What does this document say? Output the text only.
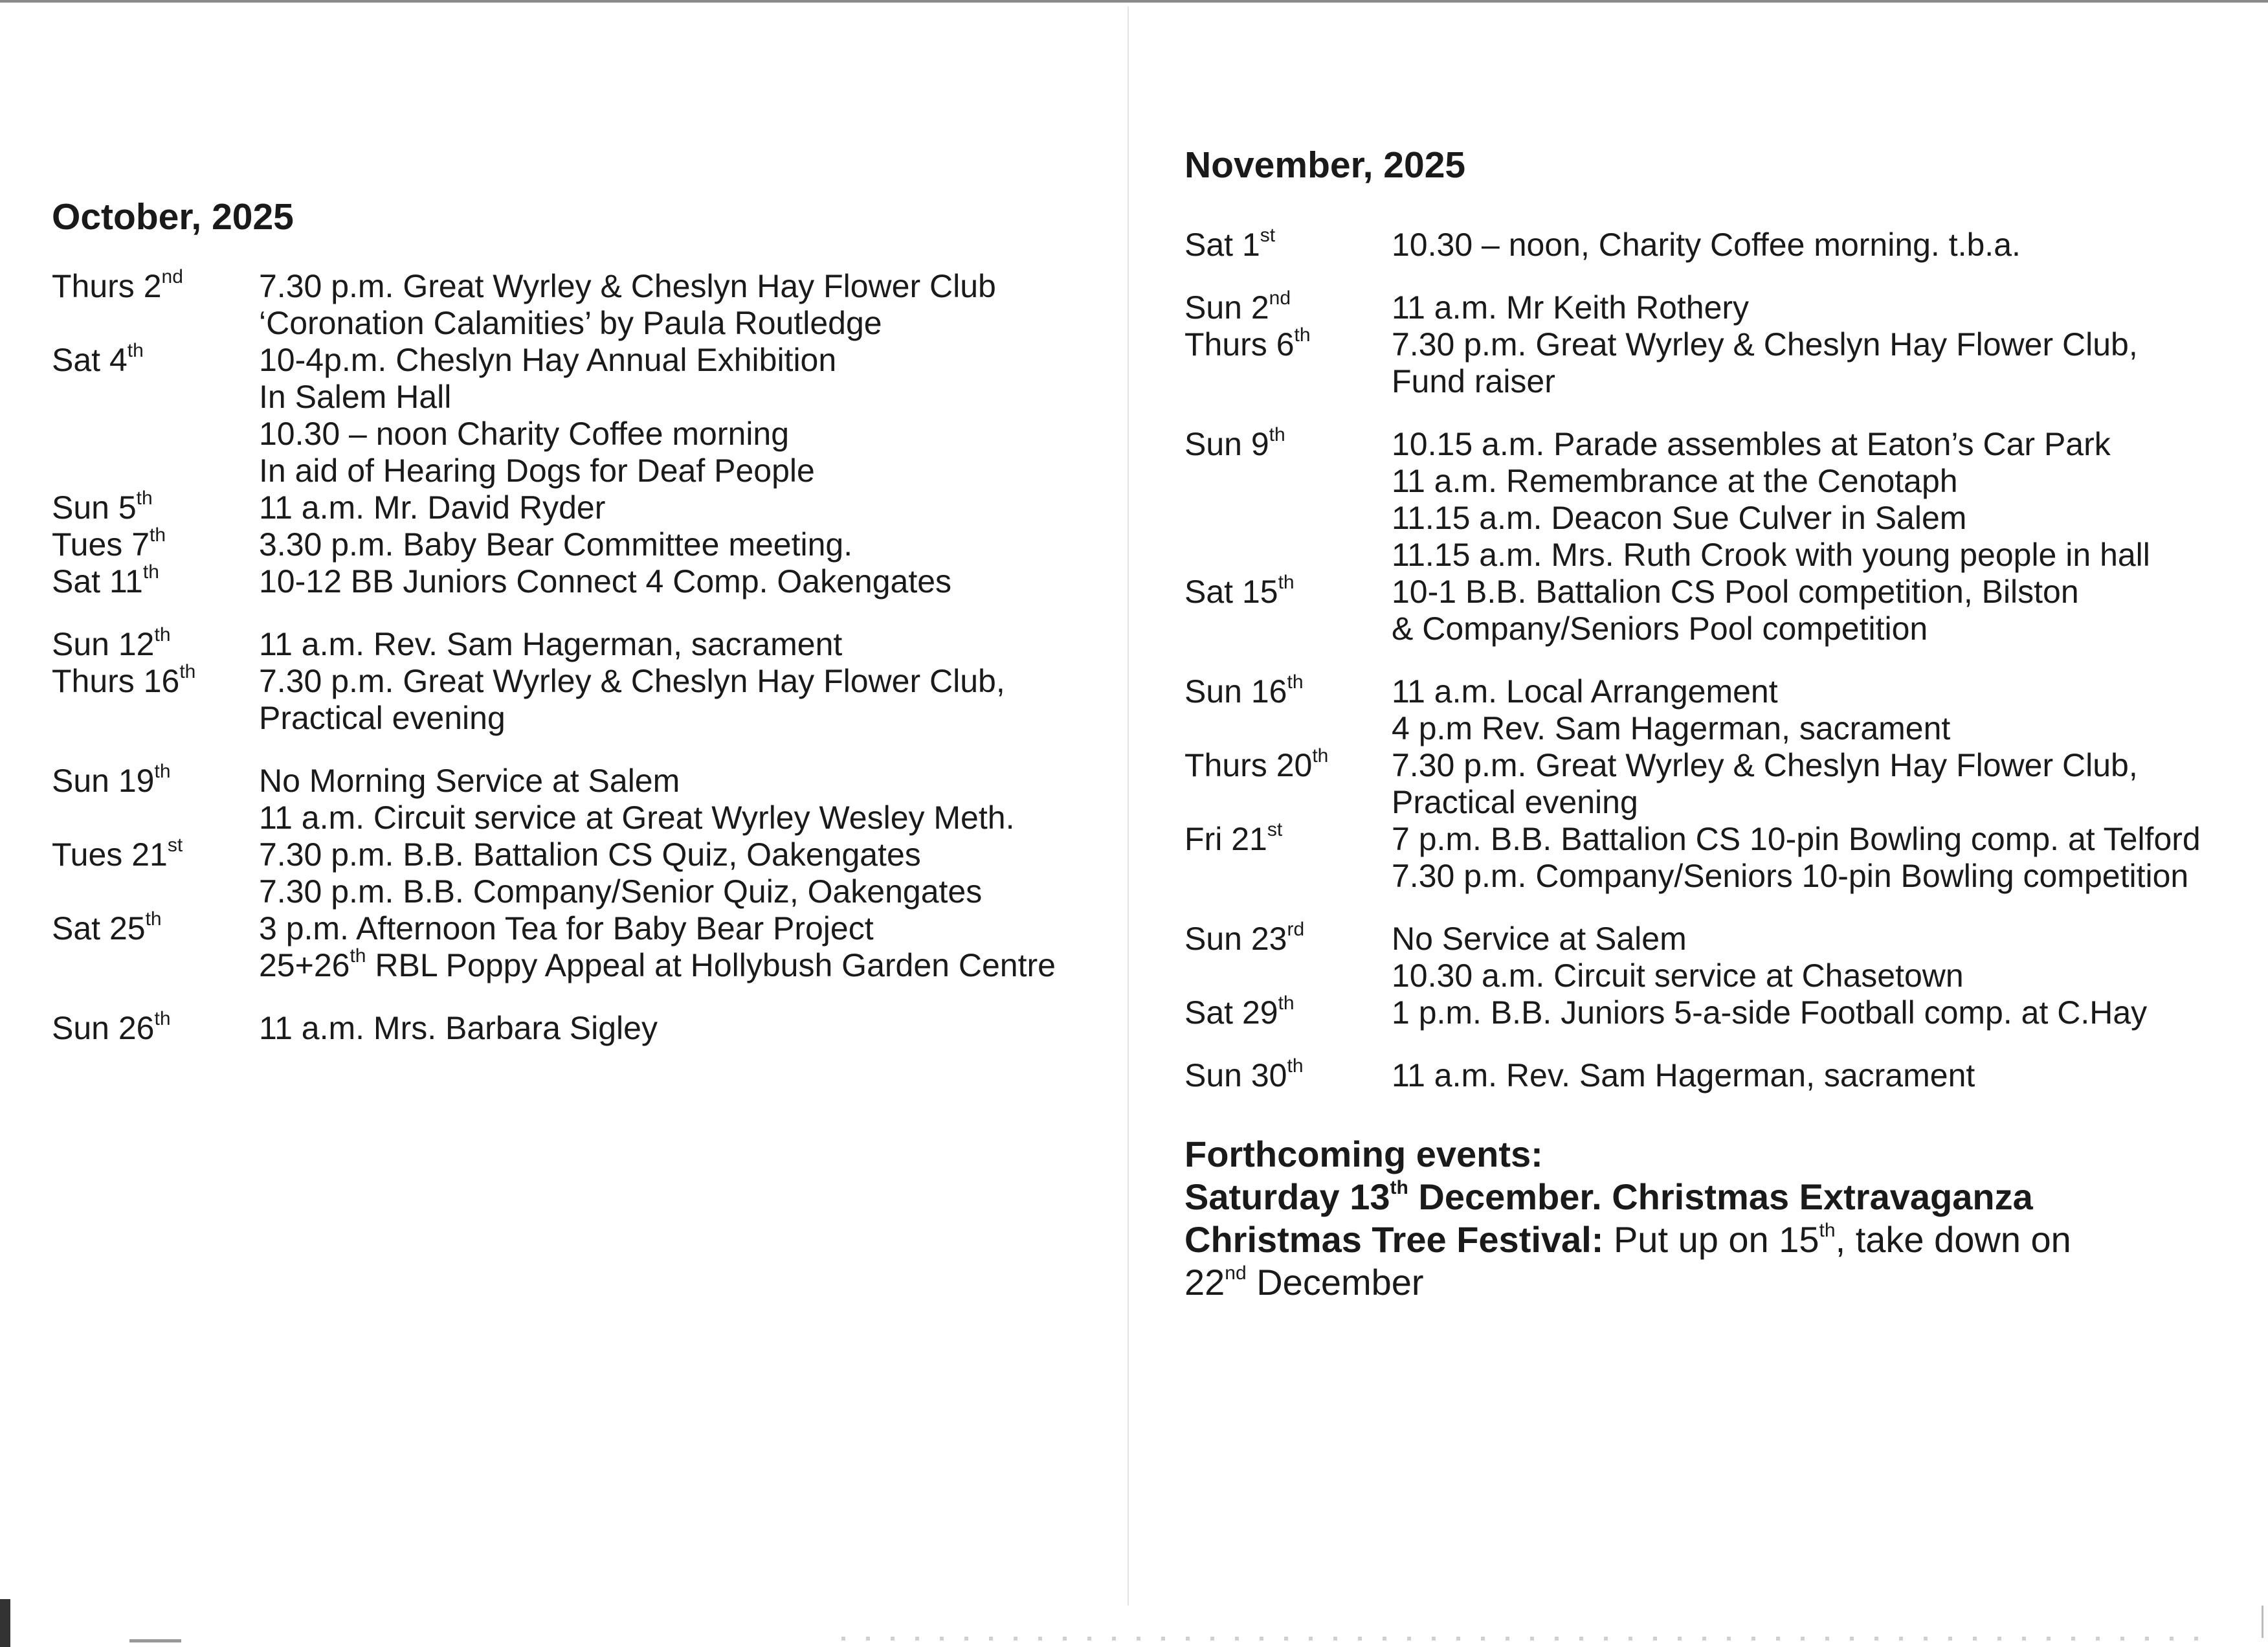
October, 2025
Thurs 2nd	7.30 p.m. Great Wyrley & Cheslyn Hay Flower Club
‘Coronation Calamities’ by Paula Routledge
Sat 4th	10-4p.m. Cheslyn Hay Annual Exhibition
In Salem Hall
10.30 – noon Charity Coffee morning
In aid of Hearing Dogs for Deaf People
Sun 5th	11 a.m. Mr. David Ryder
Tues 7th	3.30 p.m. Baby Bear Committee meeting.
Sat 11th	10-12 BB Juniors Connect 4 Comp. Oakengates
Sun 12th	11 a.m. Rev. Sam Hagerman, sacrament
Thurs 16th	7.30 p.m. Great Wyrley & Cheslyn Hay Flower Club,
Practical evening
Sun 19th	No Morning Service at Salem
11 a.m. Circuit service at Great Wyrley Wesley Meth.
Tues 21st	7.30 p.m. B.B. Battalion CS Quiz, Oakengates
7.30 p.m. B.B. Company/Senior Quiz, Oakengates
Sat 25th	3 p.m. Afternoon Tea for Baby Bear Project
25+26th RBL Poppy Appeal at Hollybush Garden Centre
Sun 26th	11 a.m. Mrs. Barbara Sigley
November, 2025
Sat 1st	10.30 – noon, Charity Coffee morning. t.b.a.
Sun 2nd	11 a.m. Mr Keith Rothery
Thurs 6th	7.30 p.m. Great Wyrley & Cheslyn Hay Flower Club,
Fund raiser
Sun 9th	10.15 a.m. Parade assembles at Eaton’s Car Park
11 a.m. Remembrance at the Cenotaph
11.15 a.m. Deacon Sue Culver in Salem
11.15 a.m. Mrs. Ruth Crook with young people in hall
Sat 15th	10-1 B.B. Battalion CS Pool competition, Bilston
& Company/Seniors Pool competition
Sun 16th	11 a.m. Local Arrangement
4 p.m Rev. Sam Hagerman, sacrament
Thurs 20th	7.30 p.m. Great Wyrley & Cheslyn Hay Flower Club,
Practical evening
Fri 21st	7 p.m. B.B. Battalion CS 10-pin Bowling comp. at Telford
7.30 p.m. Company/Seniors 10-pin Bowling competition
Sun 23rd	No Service at Salem
10.30 a.m. Circuit service at Chasetown
Sat 29th	1 p.m. B.B. Juniors 5-a-side Football comp. at C.Hay
Sun 30th	11 a.m. Rev. Sam Hagerman, sacrament
Forthcoming events:
Saturday 13th December. Christmas Extravaganza
Christmas Tree Festival: Put up on 15th, take down on
22nd December
